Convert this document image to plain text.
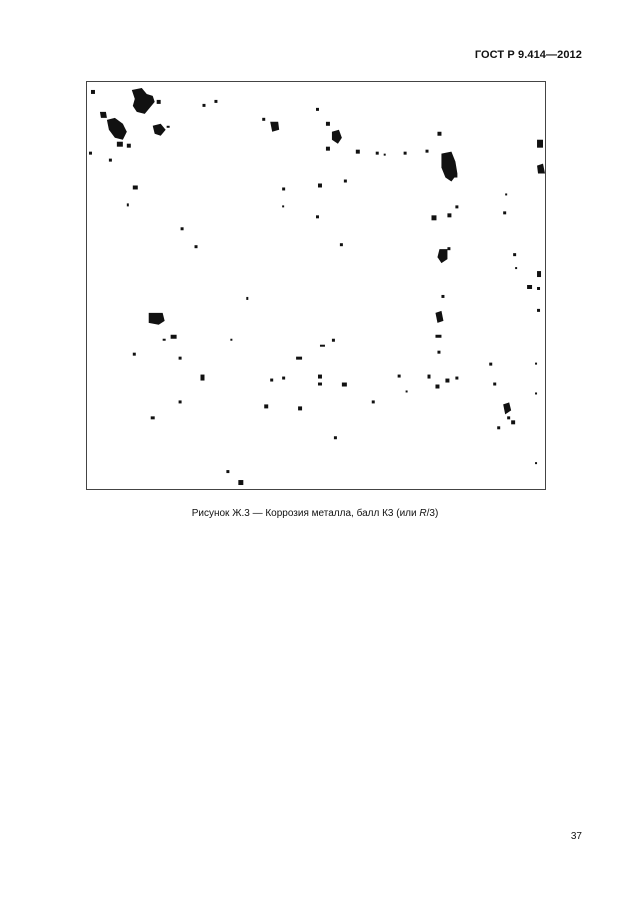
ГОСТ Р 9.414—2012
Рисунок Ж.3 — Коррозия металла, балл К3 (или R/3)
37
